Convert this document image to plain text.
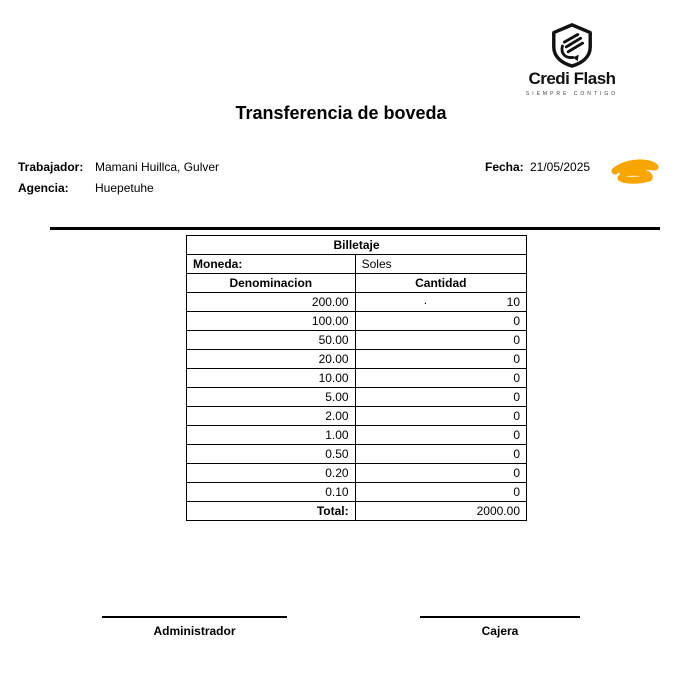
Credi Flash
SIEMPRE CONTIGO
Transferencia de boveda
Trabajador: Mamani Huillca, Gulver
Agencia: Huepetuhe
Fecha: 21/05/2025
Billetaje	
Moneda:	Soles
Denominacion	Cantidad
200.00	. 10
100.00	0
50.00	0
20.00	0
10.00	0
5.00	0
2.00	0
1.00	0
0.50	0
0.20	0
0.10	0
Total:	2000.00
Administrador	Cajera
